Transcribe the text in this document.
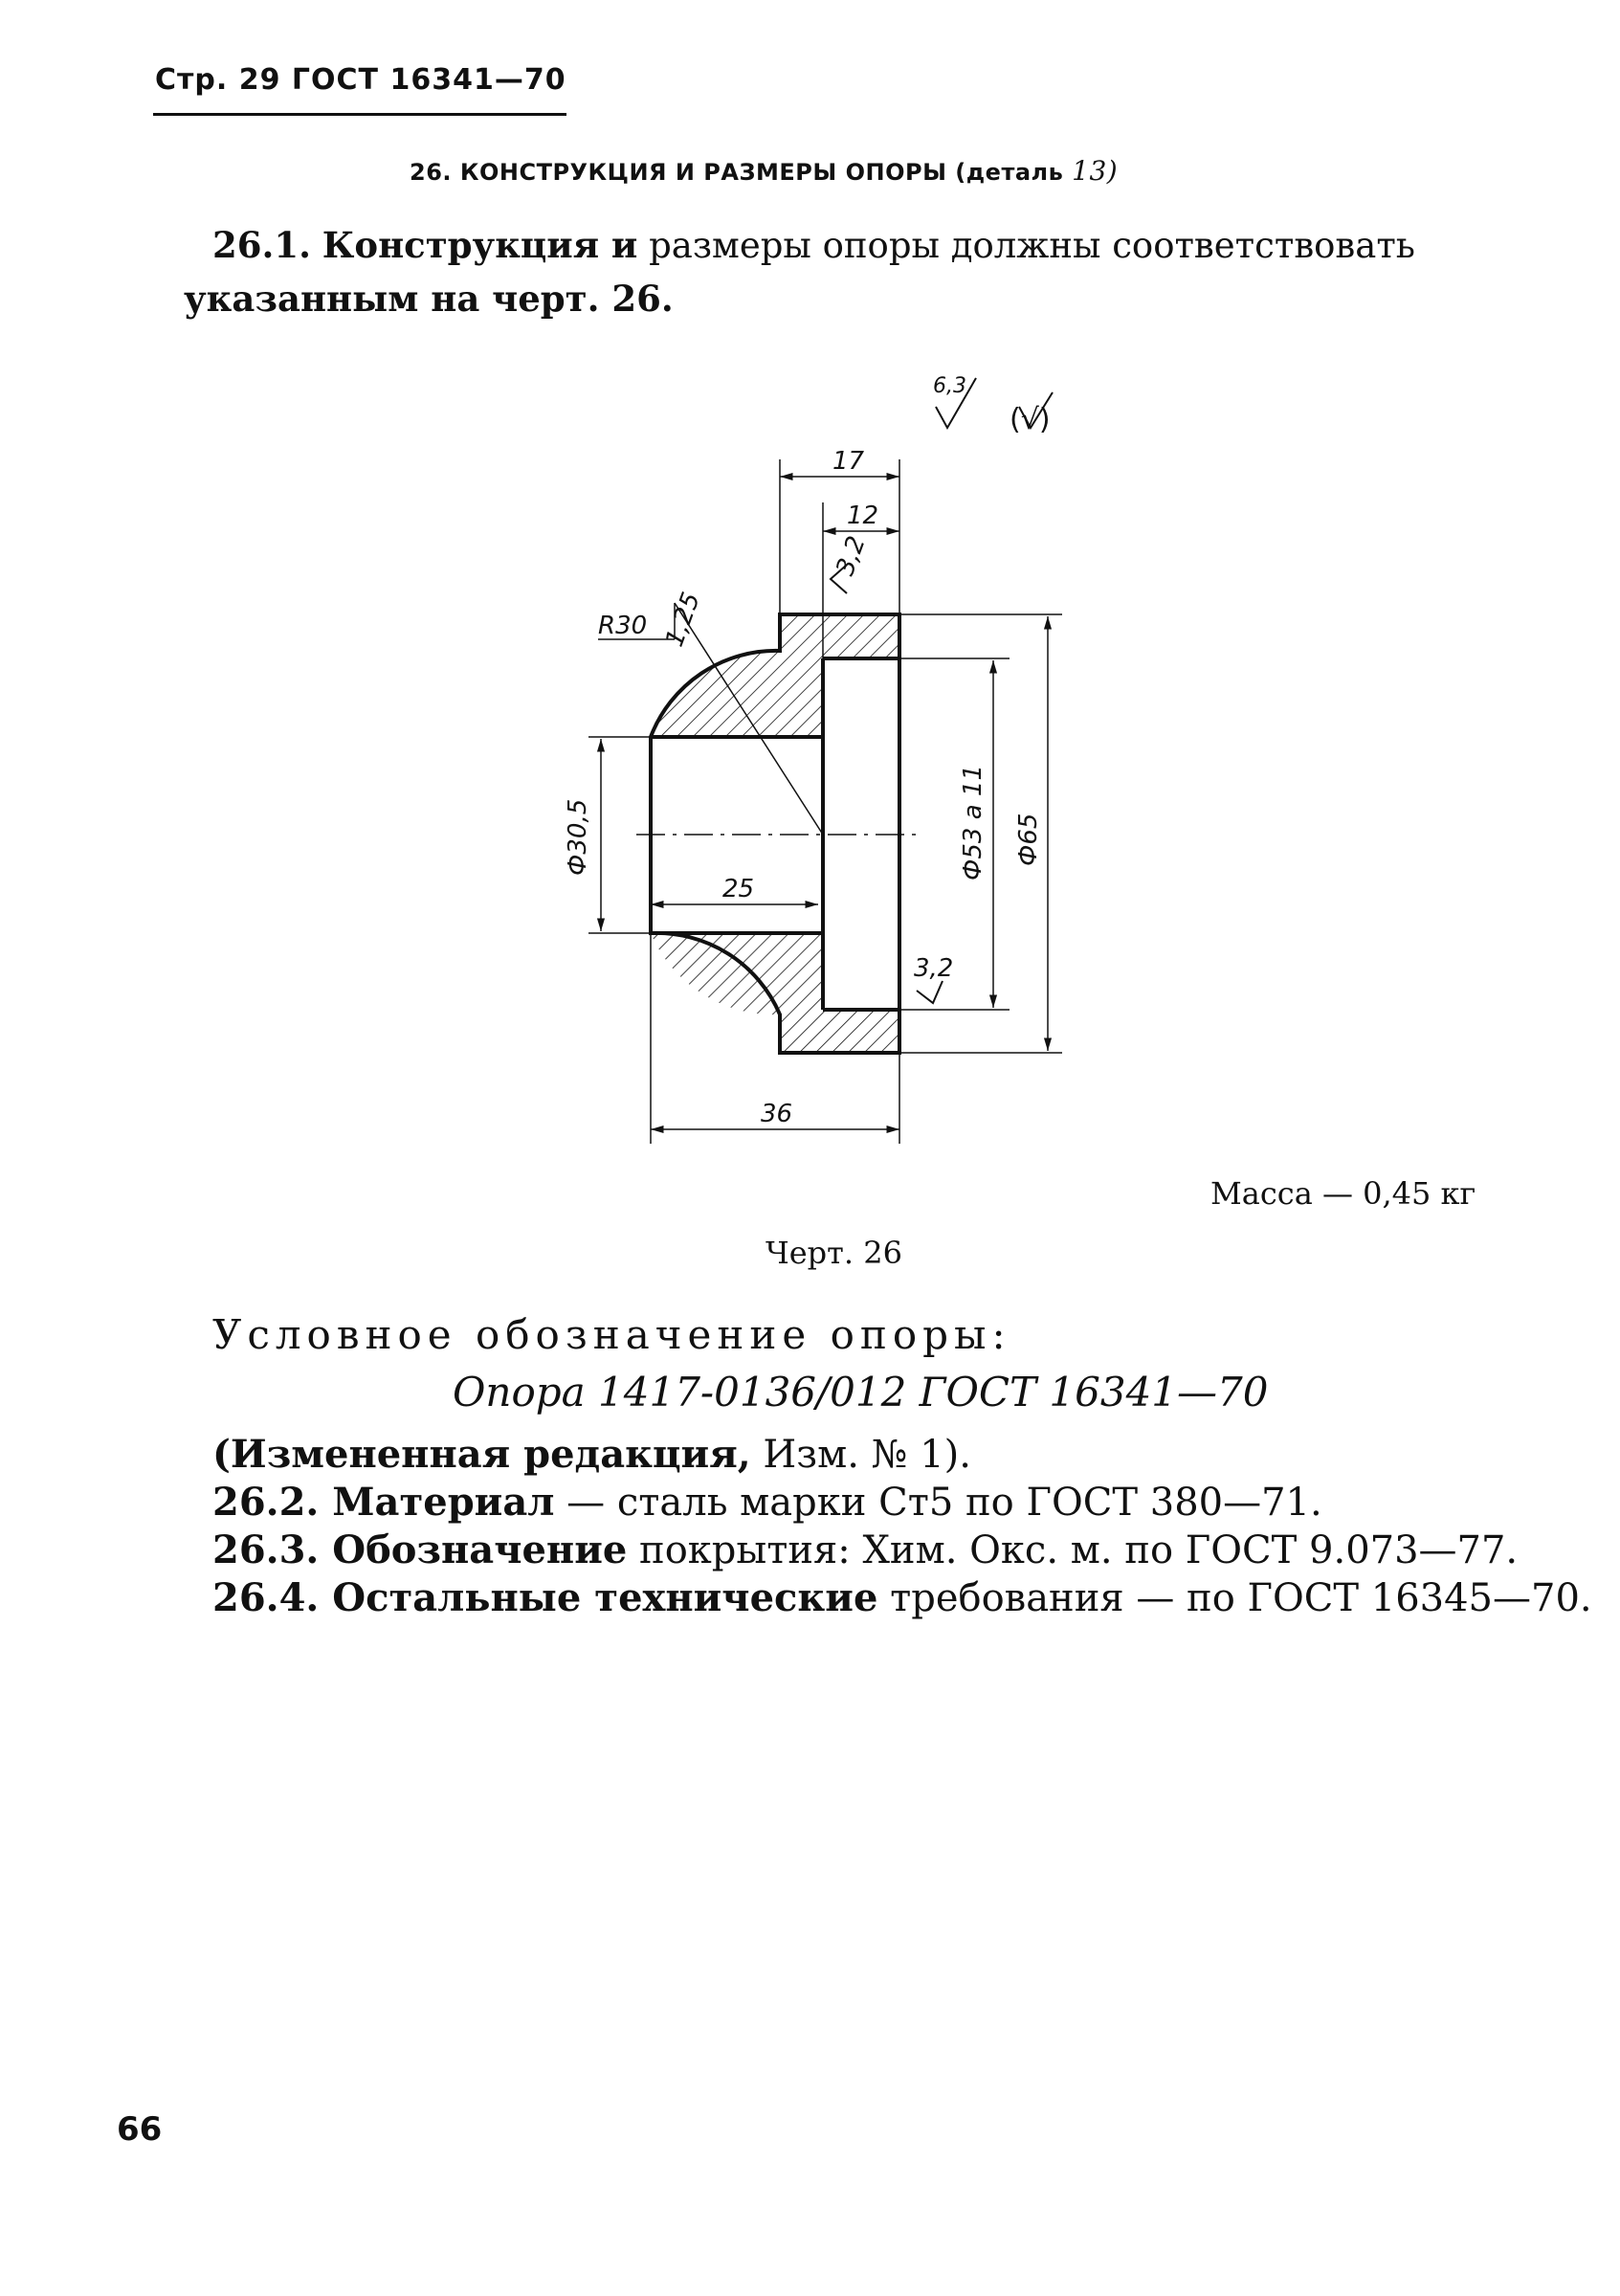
Стр. 29 ГОСТ 16341—70
26. КОНСТРУКЦИЯ И РАЗМЕРЫ ОПОРЫ (деталь 13)
26.1. Конструкция и размеры опоры должны соответствовать
указанным на черт. 26.
17
12
3,2
R30 1,25
Ф30,5
25
Ф53 а 11 Ф65
3,2
36
6,3
(√)
Масса — 0,45 кг
Черт. 26
Условное обозначение опоры:
Опора 1417-0136/012 ГОСТ 16341—70
(Измененная редакция, Изм. № 1).
26.2. Материал — сталь марки Ст5 по ГОСТ 380—71.
26.3. Обозначение покрытия: Хим. Окс. м. по ГОСТ 9.073—77.
26.4. Остальные технические требования — по ГОСТ 16345—70.
66
